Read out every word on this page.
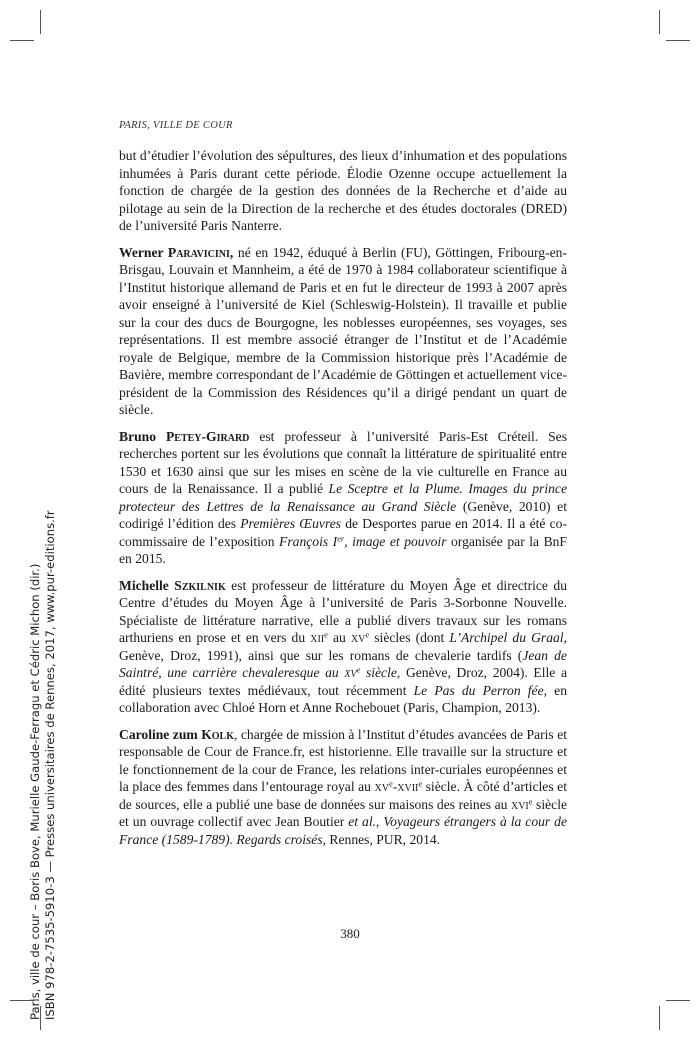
PARIS, VILLE DE COUR

but d’étudier l’évolution des sépultures, des lieux d’inhumation et des populations inhumées à Paris durant cette période. Élodie Ozenne occupe actuellement la fonction de chargée de la gestion des données de la Recherche et d’aide au pilotage au sein de la Direction de la recherche et des études doctorales (DRED) de l’université Paris Nanterre.

Werner Paravicini, né en 1942, éduqué à Berlin (FU), Göttingen, Fribourg-en-Brisgau, Louvain et Mannheim, a été de 1970 à 1984 collaborateur scientifique à l’Institut historique allemand de Paris et en fut le directeur de 1993 à 2007 après avoir enseigné à l’université de Kiel (Schleswig-Holstein). Il travaille et publie sur la cour des ducs de Bourgogne, les noblesses européennes, ses voyages, ses représentations. Il est membre associé étranger de l’Institut et de l’Académie royale de Belgique, membre de la Commission historique près l’Académie de Bavière, membre correspondant de l’Académie de Göttingen et actuellement vice-président de la Commission des Résidences qu’il a dirigé pendant un quart de siècle.

Bruno Petey-Girard est professeur à l’université Paris-Est Créteil. Ses recherches portent sur les évolutions que connaît la littérature de spiritualité entre 1530 et 1630 ainsi que sur les mises en scène de la vie culturelle en France au cours de la Renaissance. Il a publié Le Sceptre et la Plume. Images du prince protecteur des Lettres de la Renaissance au Grand Siècle (Genève, 2010) et codirigé l’édition des Premières Œuvres de Desportes parue en 2014. Il a été co-commissaire de l’exposition François Ier, image et pouvoir organisée par la BnF en 2015.

Michelle Szkilnik est professeur de littérature du Moyen Âge et directrice du Centre d’études du Moyen Âge à l’université de Paris 3-Sorbonne Nouvelle. Spécialiste de littérature narrative, elle a publié divers travaux sur les romans arthuriens en prose et en vers du xii$^e$ au $xv^e$ siècles (dont L’Archipel du Graal, Genève, Droz, 1991), ainsi que sur les romans de chevalerie tardifs (Jean de Saintré, une carrière chevaleresque au $xv^e$ siècle, Genève, Droz, 2004). Elle a édité plusieurs textes médiévaux, tout récemment Le Pas du Perron fée, en collaboration avec Chloé Horn et Anne Rochebouet (Paris, Champion, 2013).

Caroline zum Kolk, chargée de mission à l’Institut d’études avancées de Paris et responsable de Cour de France.fr, est historienne. Elle travaille sur la structure et le fonctionnement de la cour de France, les relations inter-curiales européennes et la place des femmes dans l’entourage royal au $xv^e-xvii^e$ siècle. À côté d’articles et de sources, elle a publié une base de données sur maisons des reines au xvi$^e$ siècle et un ouvrage collectif avec Jean Boutier et al., Voyageurs étrangers à la cour de France (1589-1789). Regards croisés, Rennes, PUR, 2014.

380
Paris, ville de cour – Boris Bove, Murielle Gaude-Ferragu et Cédric Michon (dir.) ISBN 978-2-7535-5910-3 — Presses universitaires de Rennes, 2017, www.pur-editions.fr
